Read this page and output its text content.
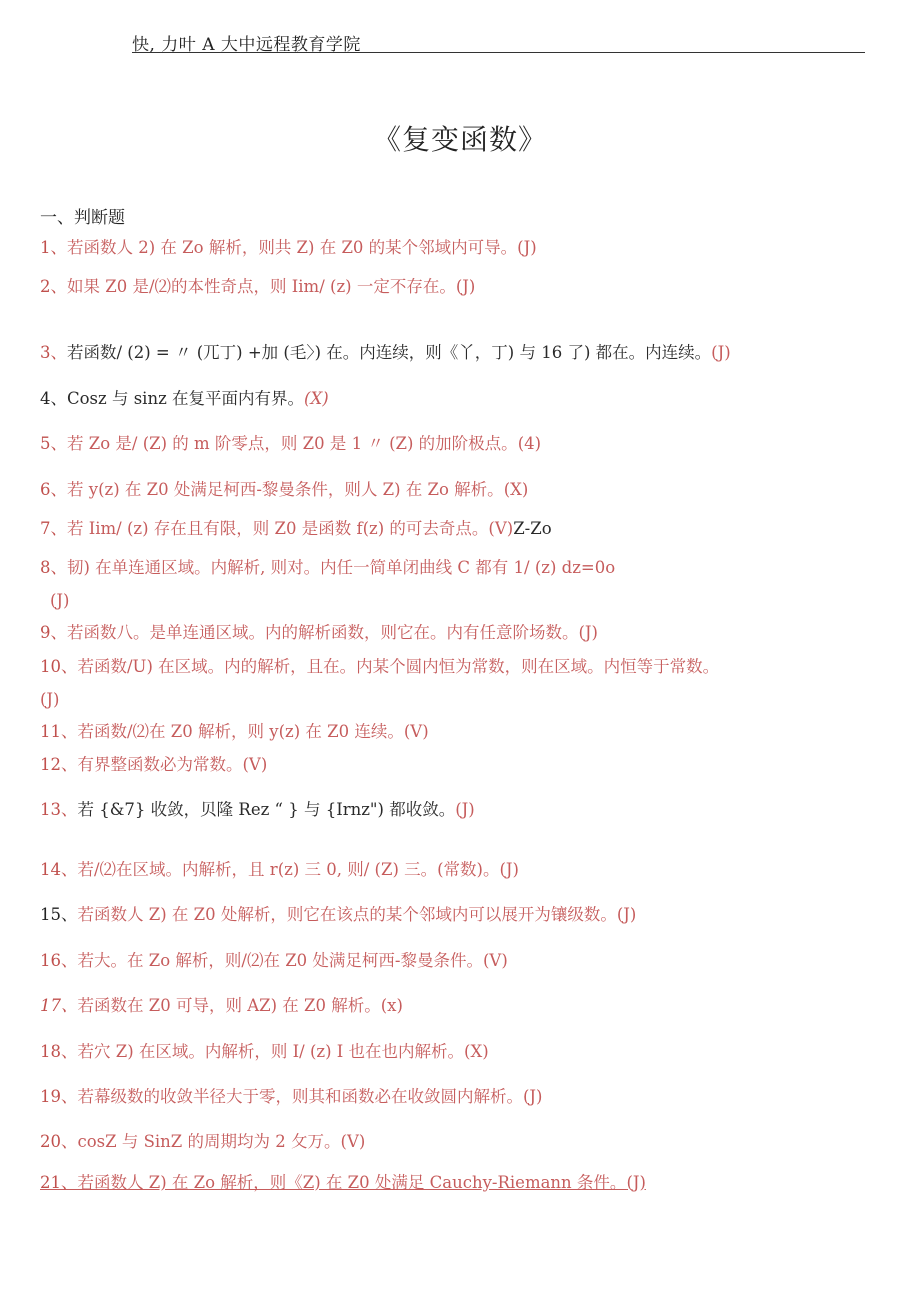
快, 力叶 A 大中远程教育学院
《复变函数》
一、判断题
1、若函数人 2) 在 Zo 解析，则共 Z) 在 Z0 的某个邻域内可导。(J)
2、如果 Z0 是/⑵的本性奇点，则 Iim/ (z) 一定不存在。(J)
3、若函数/ (2) = 〃 (兀丁) +加 (毛〉) 在。内连续，则《丫，丁) 与 16 了) 都在。内连续。(J)
4、Cosz 与 sinz 在复平面内有界。(X)
5、若 Zo 是/ (Z) 的 m 阶零点，则 Z0 是 1 〃 (Z) 的加阶极点。(4)
6、若 y(z) 在 Z0 处满足柯西-黎曼条件，则人 Z) 在 Zo 解析。(X)
7、若 Iim/ (z) 存在且有限，则 Z0 是函数 f(z) 的可去奇点。(V)Z-Zo
8、韧) 在单连通区域。内解析, 则对。内任一简单闭曲线 C 都有 1/ (z) dz=0o
(J)
9、若函数八。是单连通区域。内的解析函数，则它在。内有任意阶场数。(J)
10、若函数/U) 在区域。内的解析，且在。内某个圆内恒为常数，则在区域。内恒等于常数。
(J)
11、若函数/⑵在 Z0 解析，则 y(z) 在 Z0 连续。(V)
12、有界整函数必为常数。(V)
13、若 {&7} 收敛，贝隆 Rez “ } 与 {Irnz") 都收敛。(J)
14、若/⑵在区域。内解析，且 r(z) 三 0, 则/ (Z) 三。(常数)。(J)
15、若函数人 Z) 在 Z0 处解析，则它在该点的某个邻域内可以展开为镶级数。(J)
16、若大。在 Zo 解析，则/⑵在 Z0 处满足柯西-黎曼条件。(V)
17、若函数在 Z0 可导，则 AZ) 在 Z0 解析。(x)
18、若穴 Z) 在区域。内解析，则 I/ (z) I 也在也内解析。(X)
19、若幕级数的收敛半径大于零，则其和函数必在收敛圆内解析。(J)
20、cosZ 与 SinZ 的周期均为 2 攵万。(V)
21、若函数人 Z) 在 Zo 解析，则《Z) 在 Z0 处满足 Cauchy-Riemann 条件。(J)
